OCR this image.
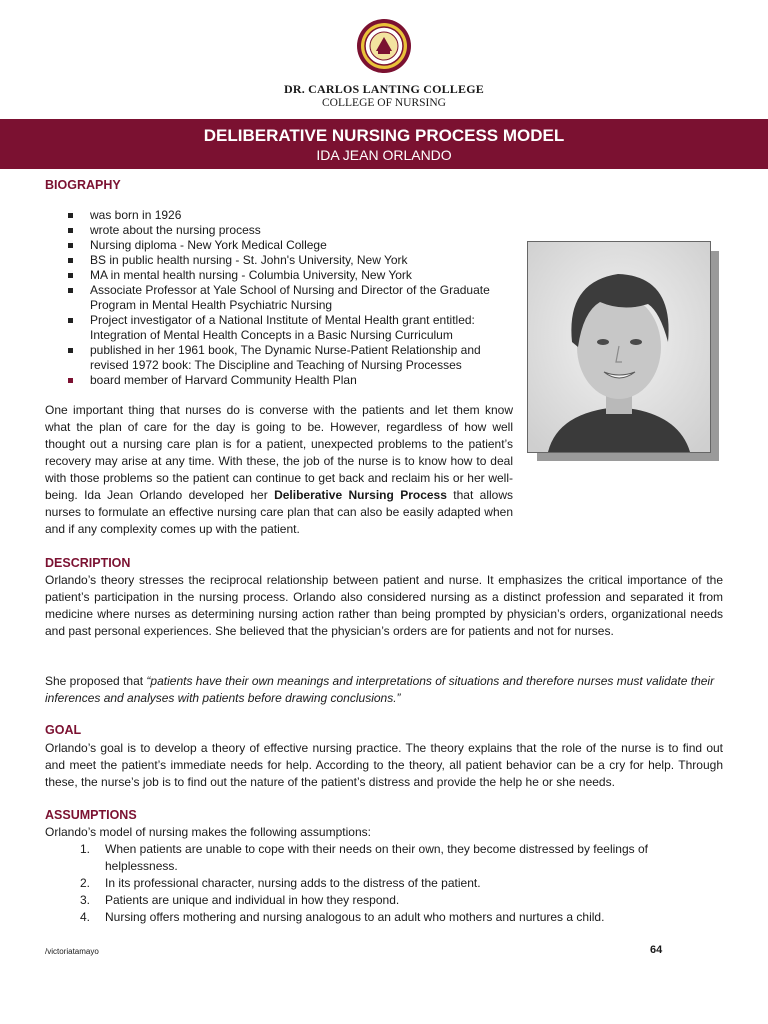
DR. CARLOS LANTING COLLEGE
COLLEGE OF NURSING
DELIBERATIVE NURSING PROCESS MODEL
IDA JEAN ORLANDO
BIOGRAPHY
was born in 1926
wrote about the nursing process
Nursing diploma - New York Medical College
BS in public health nursing - St. John's University, New York
MA in mental health nursing - Columbia University, New York
Associate Professor at Yale School of Nursing and Director of the Graduate Program in Mental Health Psychiatric Nursing
Project investigator of a National Institute of Mental Health grant entitled: Integration of Mental Health Concepts in a Basic Nursing Curriculum
published in her 1961 book, The Dynamic Nurse-Patient Relationship and revised 1972 book: The Discipline and Teaching of Nursing Processes
board member of Harvard Community Health Plan
One important thing that nurses do is converse with the patients and let them know what the plan of care for the day is going to be. However, regardless of how well thought out a nursing care plan is for a patient, unexpected problems to the patient’s recovery may arise at any time. With these, the job of the nurse is to know how to deal with those problems so the patient can continue to get back and reclaim his or her well-being. Ida Jean Orlando developed her Deliberative Nursing Process that allows nurses to formulate an effective nursing care plan that can also be easily adapted when and if any complexity comes up with the patient.
DESCRIPTION
Orlando’s theory stresses the reciprocal relationship between patient and nurse. It emphasizes the critical importance of the patient’s participation in the nursing process. Orlando also considered nursing as a distinct profession and separated it from medicine where nurses as determining nursing action rather than being prompted by physician’s orders, organizational needs and past personal experiences. She believed that the physician’s orders are for patients and not for nurses.
She proposed that “patients have their own meanings and interpretations of situations and therefore nurses must validate their inferences and analyses with patients before drawing conclusions.”
GOAL
Orlando’s goal is to develop a theory of effective nursing practice. The theory explains that the role of the nurse is to find out and meet the patient’s immediate needs for help. According to the theory, all patient behavior can be a cry for help. Through these, the nurse’s job is to find out the nature of the patient’s distress and provide the help he or she needs.
ASSUMPTIONS
Orlando’s model of nursing makes the following assumptions:
1. When patients are unable to cope with their needs on their own, they become distressed by feelings of helplessness.
2. In its professional character, nursing adds to the distress of the patient.
3. Patients are unique and individual in how they respond.
4. Nursing offers mothering and nursing analogous to an adult who mothers and nurtures a child.
/victoriatamayo	64
